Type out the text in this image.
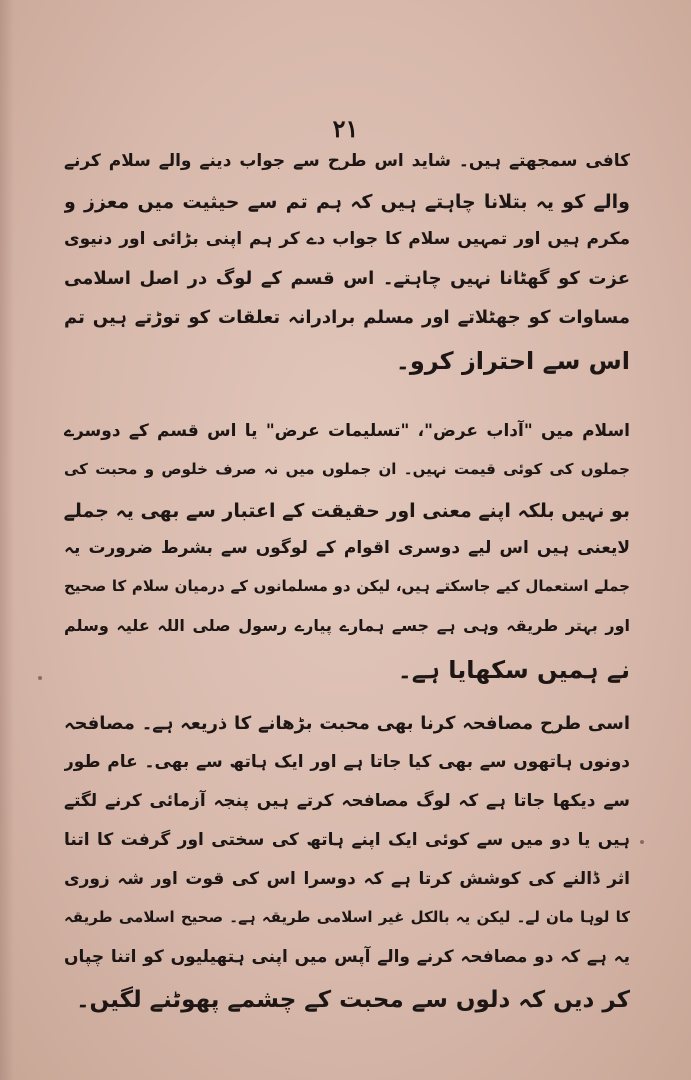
۲۱
کافی سمجھتے ہیں۔ شاید اس طرح سے جواب دینے والے سلام کرنے
والے کو یہ بتلانا چاہتے ہیں کہ ہم تم سے حیثیت میں معزز و
مکرم ہیں اور تمہیں سلام کا جواب دے کر ہم اپنی بڑائی اور دنیوی
عزت کو گھٹانا نہیں چاہتے۔ اس قسم کے لوگ در اصل اسلامی
مساوات کو جھٹلاتے اور مسلم برادرانہ تعلقات کو توڑتے ہیں تم
اس سے احتراز کرو۔
اسلام میں "آداب عرض"، "تسلیمات عرض" یا اس قسم کے دوسرے
جملوں کی کوئی قیمت نہیں۔ ان جملوں میں نہ صرف خلوص و محبت کی
بو نہیں بلکہ اپنے معنی اور حقیقت کے اعتبار سے بھی یہ جملے
لایعنی ہیں اس لیے دوسری اقوام کے لوگوں سے بشرط ضرورت یہ
جملے استعمال کیے جاسکتے ہیں، لیکن دو مسلمانوں کے درمیان سلام کا صحیح
اور بہتر طریقہ وہی ہے جسے ہمارے پیارے رسول صلی اللہ علیہ وسلم
نے ہمیں سکھایا ہے۔
اسی طرح مصافحہ کرنا بھی محبت بڑھانے کا ذریعہ ہے۔ مصافحہ
دونوں ہاتھوں سے بھی کیا جاتا ہے اور ایک ہاتھ سے بھی۔ عام طور
سے دیکھا جاتا ہے کہ لوگ مصافحہ کرتے ہیں پنجہ آزمائی کرنے لگتے
ہیں یا دو میں سے کوئی ایک اپنے ہاتھ کی سختی اور گرفت کا اتنا
اثر ڈالنے کی کوشش کرتا ہے کہ دوسرا اس کی قوت اور شہ زوری
کا لوہا مان لے۔ لیکن یہ بالکل غیر اسلامی طریقہ ہے۔ صحیح اسلامی طریقہ
یہ ہے کہ دو مصافحہ کرنے والے آپس میں اپنی ہتھیلیوں کو اتنا چپاں
کر دیں کہ دلوں سے محبت کے چشمے پھوٹنے لگیں۔
